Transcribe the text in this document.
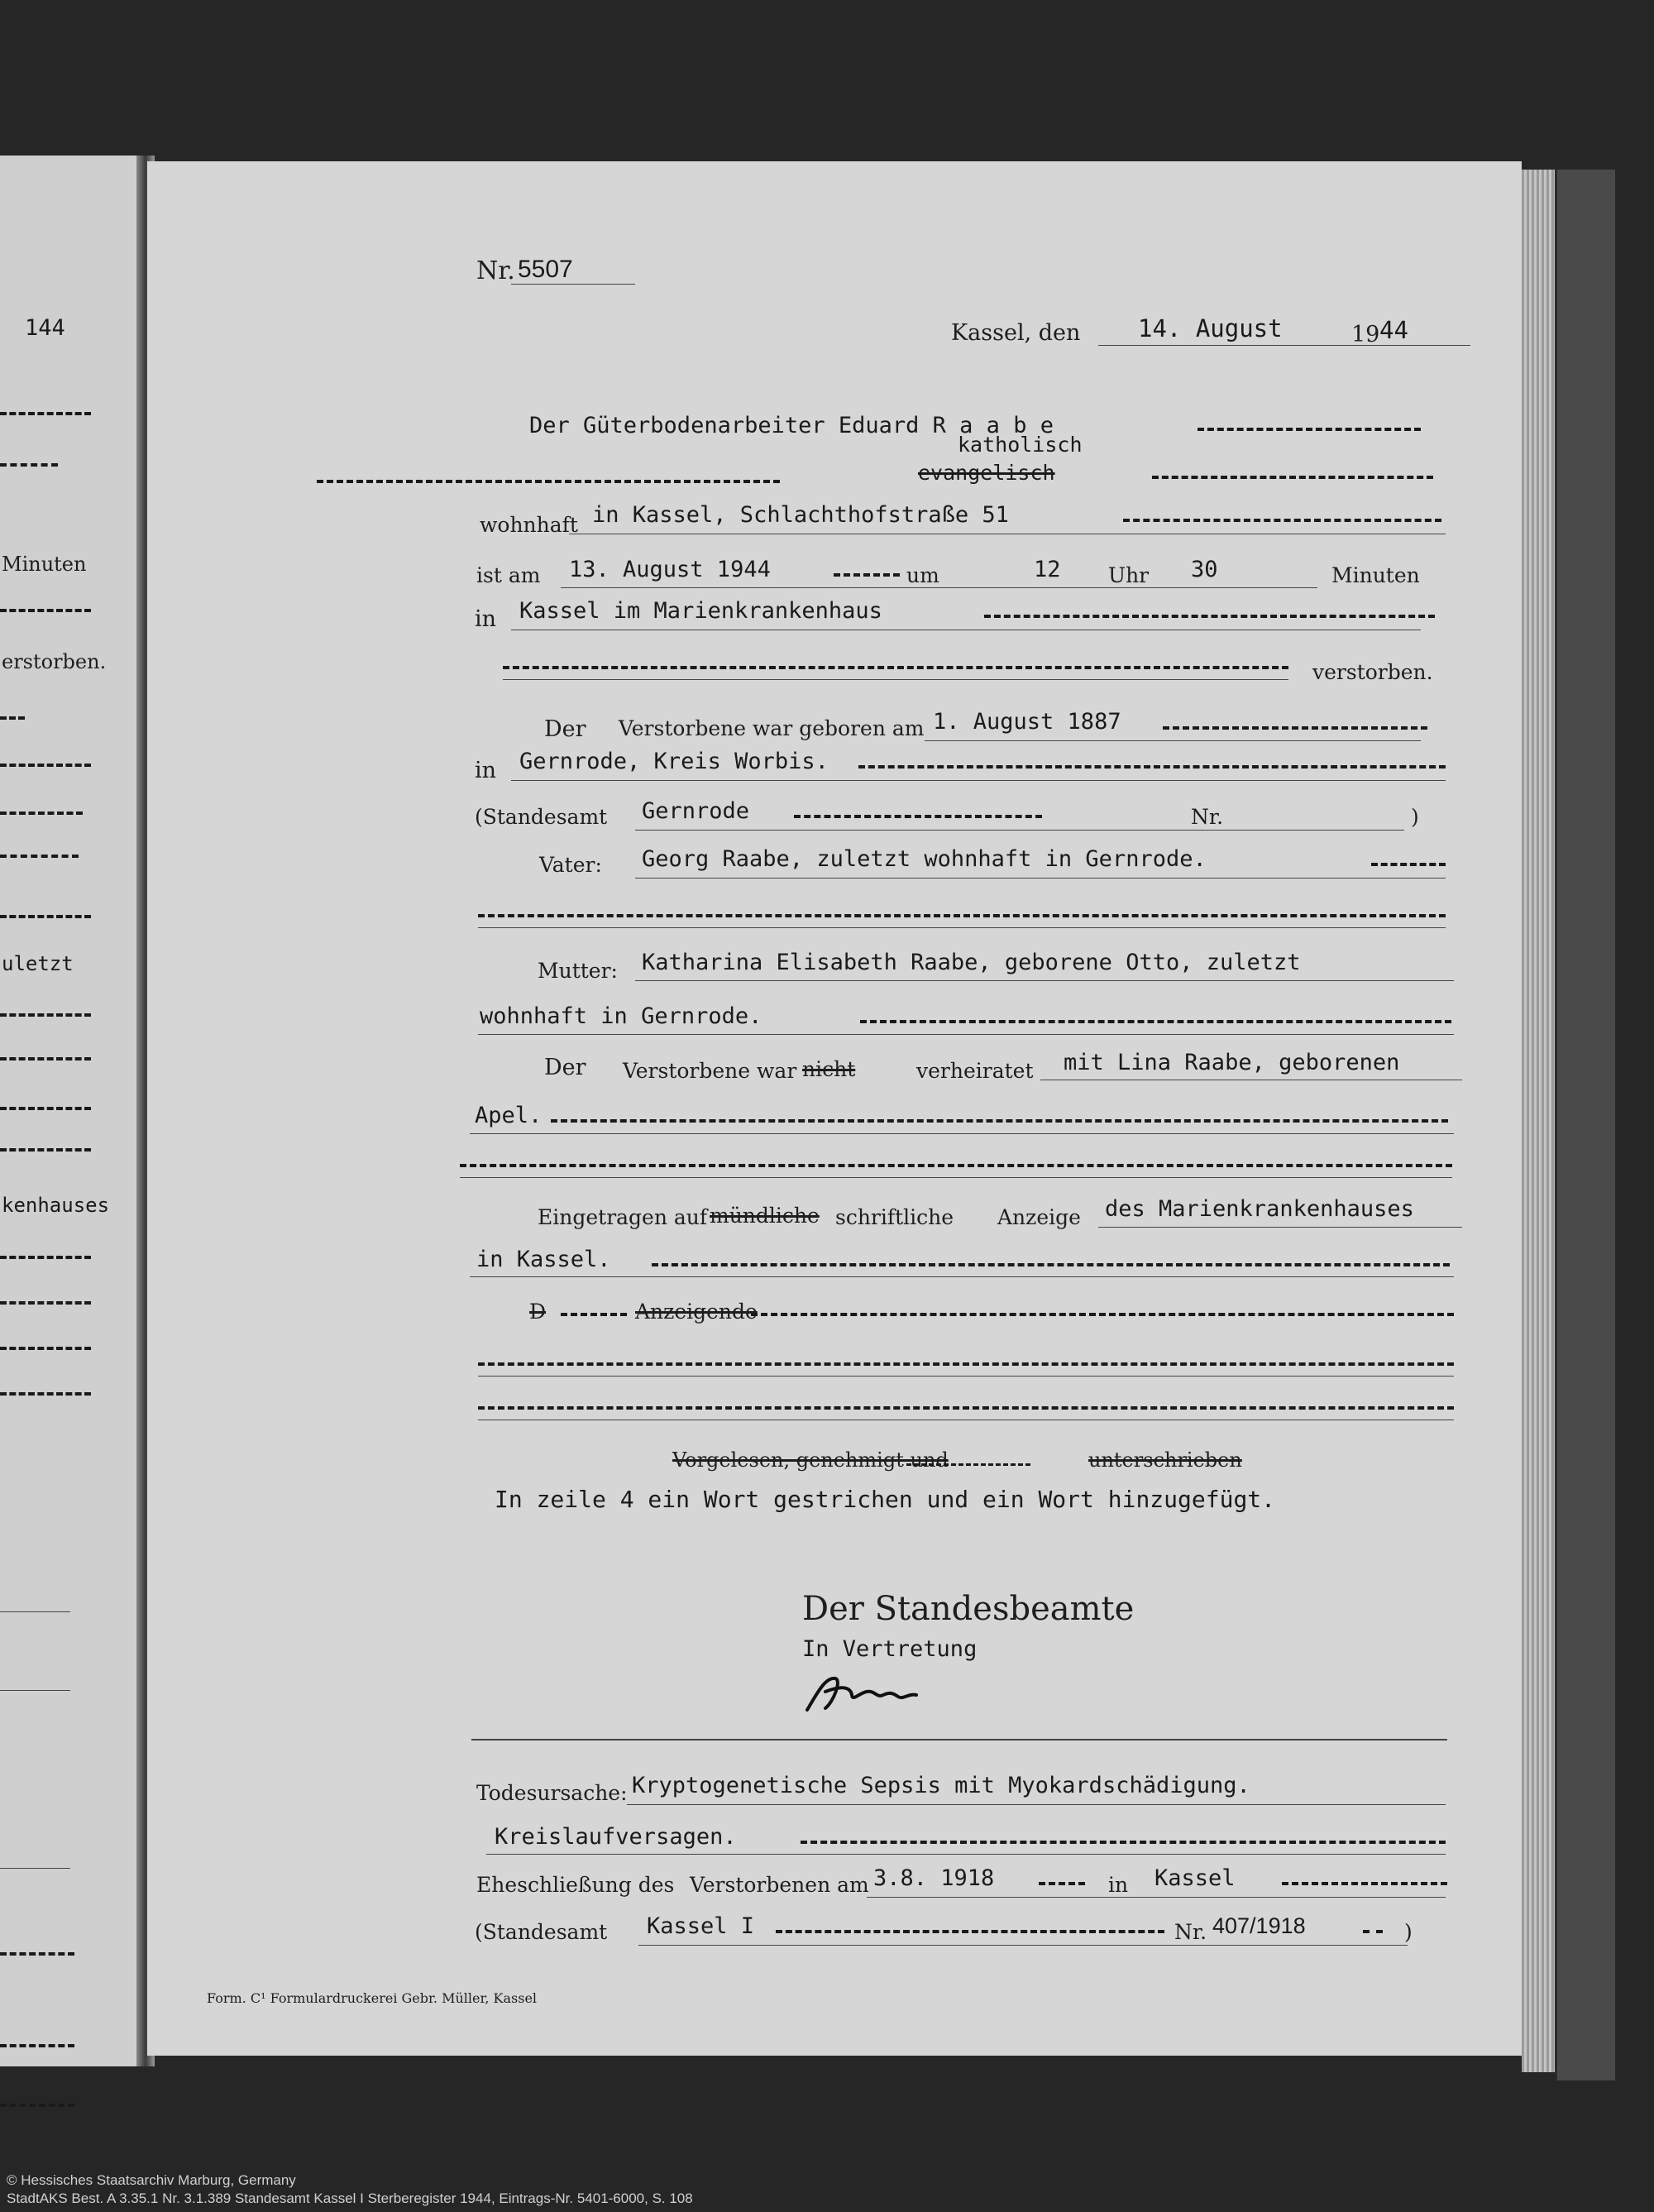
144
Minuten
erstorben.
uletzt
kenhauses
Nr. 5507
Kassel, den 14. August	19 44
Der Güterbodenarbeiter Eduard R a a b e
katholisch
evangelisch
wohnhaft in Kassel, Schlachthofstraße 51
ist am 13. August 1944	um	12 Uhr 30	Minuten
in Kassel im Marienkrankenhaus
verstorben.
Der Verstorbene war geboren am 1. August 1887
in Gernrode, Kreis Worbis.
(Standesamt Gernrode	Nr.	)
Vater: Georg Raabe, zuletzt wohnhaft in Gernrode.
Mutter: Katharina Elisabeth Raabe, geborene Otto, zuletzt
wohnhaft in Gernrode.
Der Verstorbene war nicht	verheiratet mit Lina Raabe, geborenen
Apel.
Eingetragen auf mündliche schriftliche Anzeige des Marienkrankenhauses
in Kassel.
D	Anzeigende
Vorgelesen, genehmigt und	unterschrieben
In zeile 4 ein Wort gestrichen und ein Wort hinzugefügt.
Der Standesbeamte
In Vertretung
Todesursache: Kryptogenetische Sepsis mit Myokardschädigung.
Kreislaufversagen.
Eheschließung des Verstorbenen am 3.8. 1918	in Kassel
(Standesamt Kassel I	Nr. 407/1918	)
Form. C¹ Formulardruckerei Gebr. Müller, Kassel
© Hessisches Staatsarchiv Marburg, Germany
StadtAKS Best. A 3.35.1 Nr. 3.1.389 Standesamt Kassel I Sterberegister 1944, Eintrags-Nr. 5401-6000, S. 108
